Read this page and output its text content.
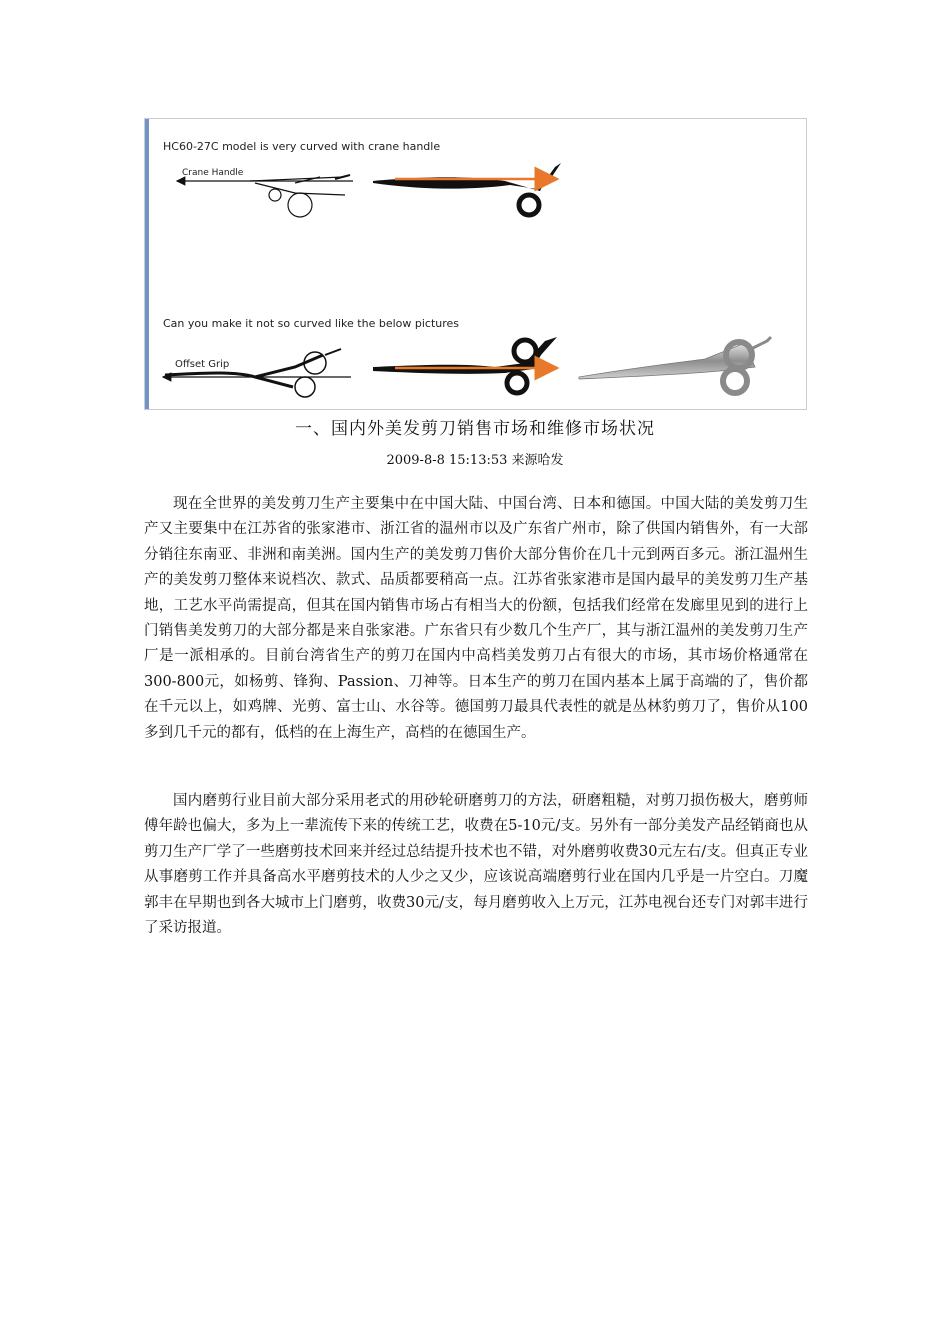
HC60-27C model is very curved with crane handle
Crane Handle
Can you make it not so curved like the below pictures
Offset Grip
一、国内外美发剪刀销售市场和维修市场状况
2009-8-8 15:13:53 来源哈发

现在全世界的美发剪刀生产主要集中在中国大陆、中国台湾、日本和德国。中国大陆的美发剪刀生产又主要集中在江苏省的张家港市、浙江省的温州市以及广东省广州市，除了供国内销售外，有一大部分销往东南亚、非洲和南美洲。国内生产的美发剪刀售价大部分售价在几十元到两百多元。浙江温州生产的美发剪刀整体来说档次、款式、品质都要稍高一点。江苏省张家港市是国内最早的美发剪刀生产基地，工艺水平尚需提高，但其在国内销售市场占有相当大的份额，包括我们经常在发廊里见到的进行上门销售美发剪刀的大部分都是来自张家港。广东省只有少数几个生产厂，其与浙江温州的美发剪刀生产厂是一派相承的。目前台湾省生产的剪刀在国内中高档美发剪刀占有很大的市场，其市场价格通常在300-800元，如杨剪、锋狗、Passion、刀神等。日本生产的剪刀在国内基本上属于高端的了，售价都在千元以上，如鸡牌、光剪、富士山、水谷等。德国剪刀最具代表性的就是丛林豹剪刀了，售价从100多到几千元的都有，低档的在上海生产，高档的在德国生产。

国内磨剪行业目前大部分采用老式的用砂轮研磨剪刀的方法，研磨粗糙，对剪刀损伤极大，磨剪师傅年龄也偏大，多为上一辈流传下来的传统工艺，收费在5-10元/支。另外有一部分美发产品经销商也从剪刀生产厂学了一些磨剪技术回来并经过总结提升技术也不错，对外磨剪收费30元左右/支。但真正专业从事磨剪工作并具备高水平磨剪技术的人少之又少，应该说高端磨剪行业在国内几乎是一片空白。刀魔郭丰在早期也到各大城市上门磨剪，收费30元/支，每月磨剪收入上万元，江苏电视台还专门对郭丰进行了采访报道。
